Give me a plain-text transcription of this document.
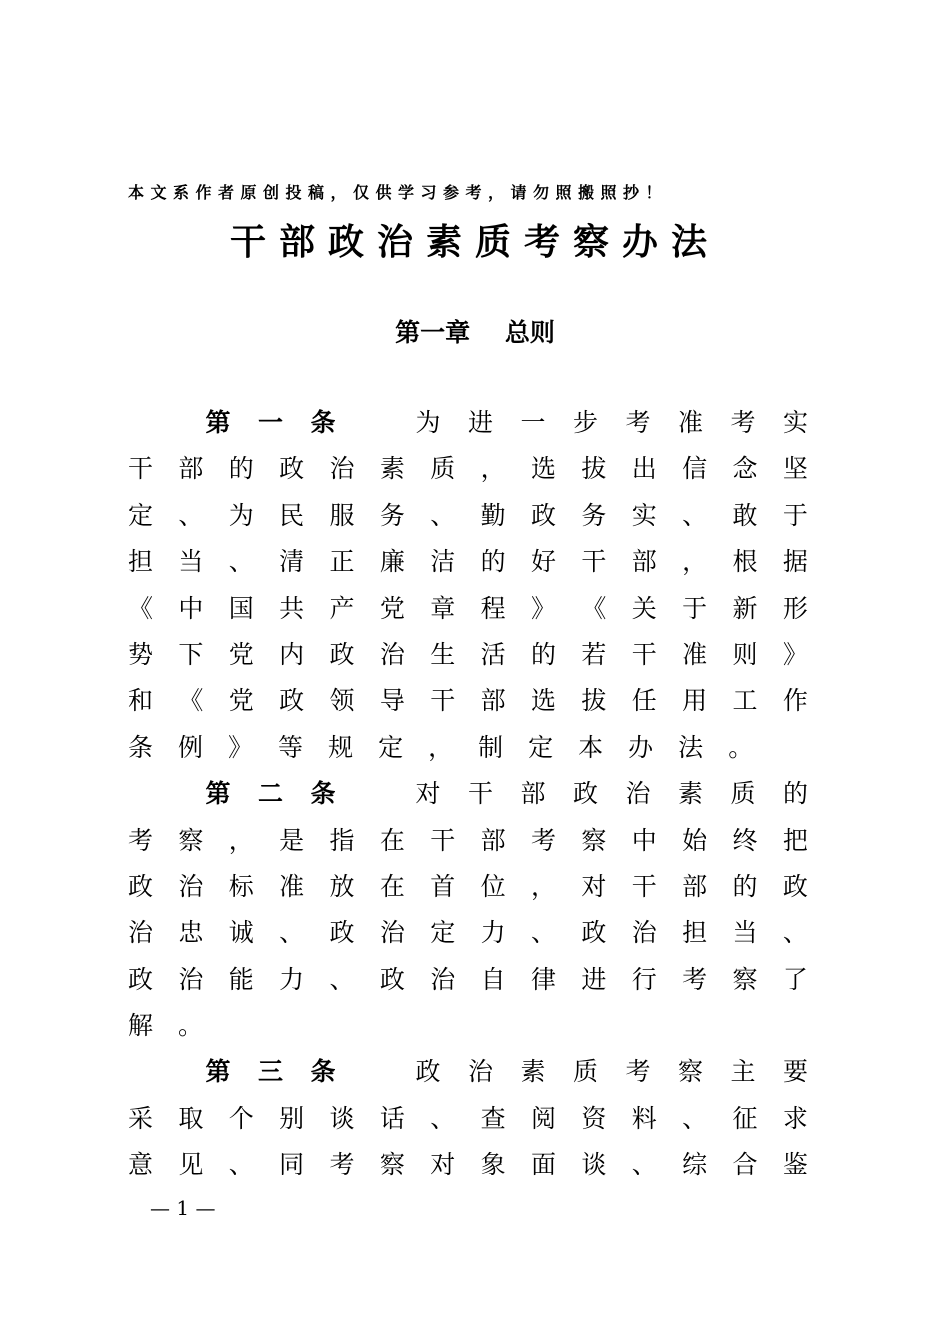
本文系作者原创投稿，仅供学习参考，请勿照搬照抄！
干部政治素质考察办法
第一章    总则
第 一 条	为 进 一 步 考 准 考 实
干 部 的 政 治 素 质 ， 选 拔 出 信 念 坚
定 、 为 民 服 务 、 勤 政 务 实 、 敢 于
担 当 、 清 正 廉 洁 的 好 干 部 ， 根 据
《 中 国 共 产 党 章 程 》 《 关 于 新 形
势 下 党 内 政 治 生 活 的 若 干 准 则 》
和 《 党 政 领 导 干 部 选 拔 任 用 工 作
条 例 》 等 规 定 ， 制 定 本 办 法 。
第 二 条	对 干 部 政 治 素 质 的
考 察 ， 是 指 在 干 部 考 察 中 始 终 把
政 治 标 准 放 在 首 位 ， 对 干 部 的 政
治 忠 诚 、 政 治 定 力 、 政 治 担 当 、
政 治 能 力 、 政 治 自 律 进 行 考 察 了
解 。
第 三 条	政 治 素 质 考 察 主 要
采 取 个 别 谈 话 、 查 阅 资 料 、 征 求
意 见 、 同 考 察 对 象 面 谈 、 综 合 鉴
— 1 —
